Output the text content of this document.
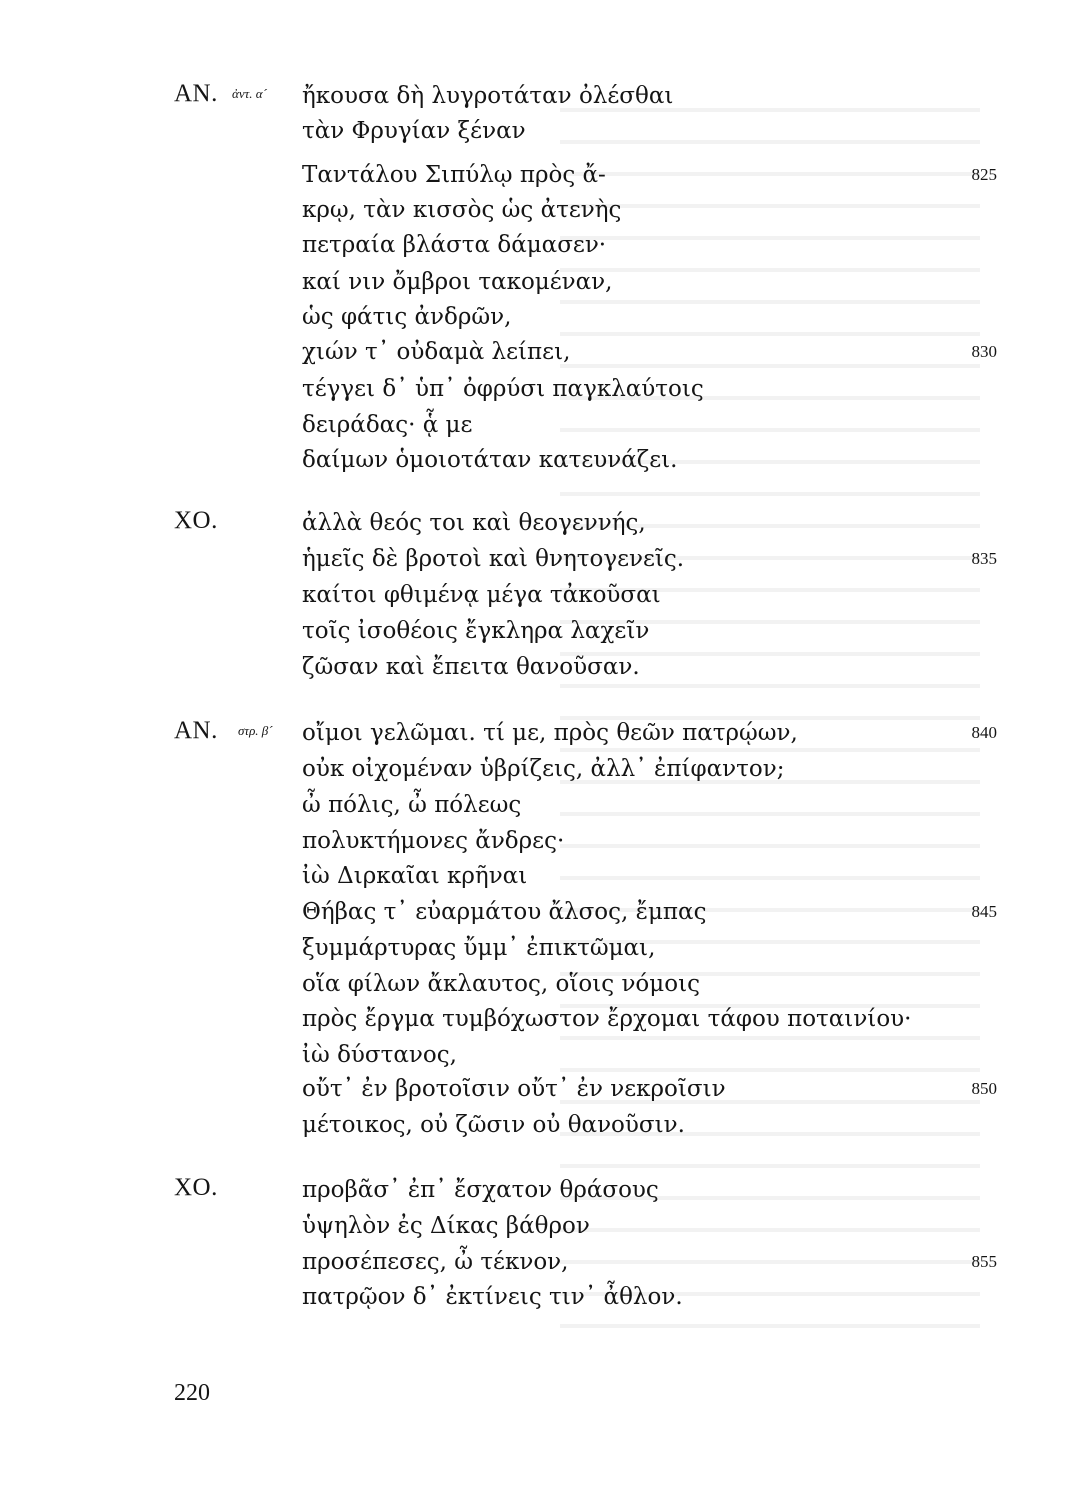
ΑΝ. ἀντ. α´ ἤκουσα δὴ λυγροτάταν ὀλέσθαι
τὰν Φρυγίαν ξέναν
Ταντάλου Σιπύλῳ πρὸς ἄ-	825
κρῳ, τὰν κισσὸς ὡς ἀτενὴς
πετραία βλάστα δάμασεν·
καί νιν ὄμβροι τακομέναν,
ὡς φάτις ἀνδρῶν,
χιών τ᾽ οὐδαμὰ λείπει,	830
τέγγει δ᾽ ὑπ᾽ ὀφρύσι παγκλαύτοις
δειράδας· ᾇ με
δαίμων ὁμοιοτάταν κατευνάζει.
ΧΟ.	ἀλλὰ θεός τοι καὶ θεογεννής,
ἡμεῖς δὲ βροτοὶ καὶ θνητογενεῖς.	835
καίτοι φθιμένᾳ μέγα τἀκοῦσαι
τοῖς ἰσοθέοις ἔγκληρα λαχεῖν
ζῶσαν καὶ ἔπειτα θανοῦσαν.
ΑΝ. στρ. β´ οἴμοι γελῶμαι. τί με, πρὸς θεῶν πατρῴων,	840
οὐκ οἰχομέναν ὑβρίζεις, ἀλλ᾽ ἐπίφαντον;
ὦ πόλις, ὦ πόλεως
πολυκτήμονες ἄνδρες·
ἰὼ Διρκαῖαι κρῆναι
Θήβας τ᾽ εὐαρμάτου ἄλσος, ἔμπας	845
ξυμμάρτυρας ὔμμ᾽ ἐπικτῶμαι,
οἵα φίλων ἄκλαυτος, οἵοις νόμοις
πρὸς ἔργμα τυμβόχωστον ἔρχομαι τάφου ποταινίου·
ἰὼ δύστανος,
οὔτ᾽ ἐν βροτοῖσιν οὔτ᾽ ἐν νεκροῖσιν	850
μέτοικος, οὐ ζῶσιν οὐ θανοῦσιν.
ΧΟ.	προβᾶσ᾽ ἐπ᾽ ἔσχατον θράσους
ὑψηλὸν ἐς Δίκας βάθρον
προσέπεσες, ὦ τέκνον,	855
πατρῷον δ᾽ ἐκτίνεις τιν᾽ ἆθλον.
220
